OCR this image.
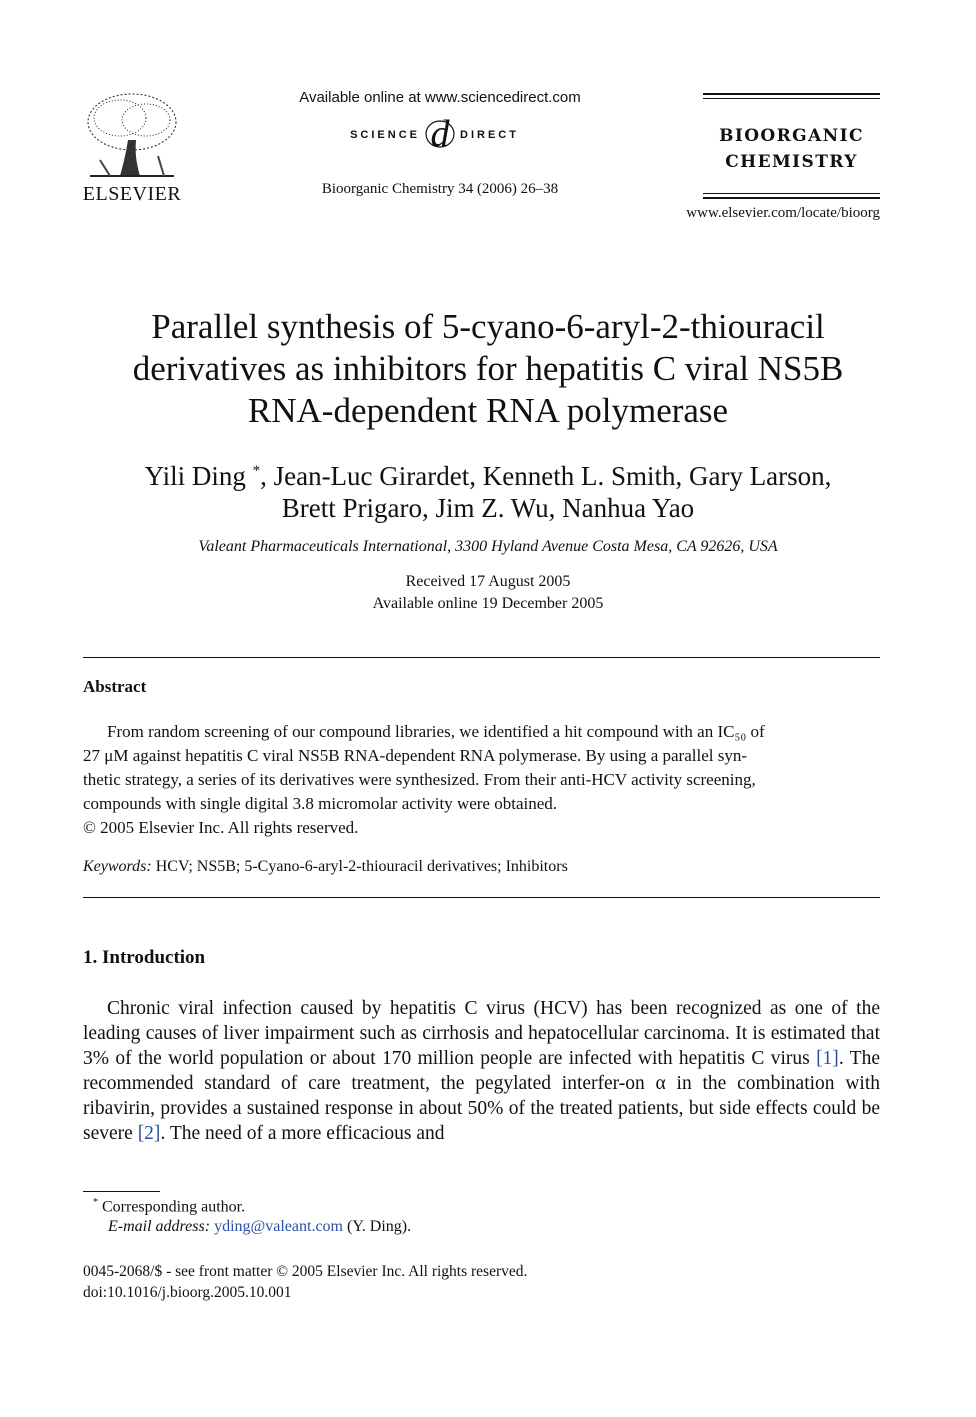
ELSEVIER
Available online at www.sciencedirect.com
SCIENCE d DIRECT
Bioorganic Chemistry 34 (2006) 26–38
BIOORGANIC
CHEMISTRY
www.elsevier.com/locate/bioorg
Parallel synthesis of 5-cyano-6-aryl-2-thiouracil
derivatives as inhibitors for hepatitis C viral NS5B
RNA-dependent RNA polymerase
Yili Ding *, Jean-Luc Girardet, Kenneth L. Smith, Gary Larson,
Brett Prigaro, Jim Z. Wu, Nanhua Yao
Valeant Pharmaceuticals International, 3300 Hyland Avenue Costa Mesa, CA 92626, USA
Received 17 August 2005
Available online 19 December 2005
Abstract

From random screening of our compound libraries, we identified a hit compound with an IC₅₀ of

27 μM against hepatitis C viral NS5B RNA-dependent RNA polymerase. By using a parallel syn-

thetic strategy, a series of its derivatives were synthesized. From their anti-HCV activity screening,

compounds with single digital 3.8 micromolar activity were obtained.

© 2005 Elsevier Inc. All rights reserved.

Keywords: HCV; NS5B; 5-Cyano-6-aryl-2-thiouracil derivatives; Inhibitors
1. Introduction

Chronic viral infection caused by hepatitis C virus (HCV) has been recognized as one of the leading causes of liver impairment such as cirrhosis and hepatocellular carcinoma. It is estimated that 3% of the world population or about 170 million people are infected with hepatitis C virus [1]. The recommended standard of care treatment, the pegylated interfer-on α in the combination with ribavirin, provides a sustained response in about 50% of the treated patients, but side effects could be severe [2]. The need of a more efficacious and

* Corresponding author.
E-mail address: yding@valeant.com (Y. Ding).
0045-2068/$ - see front matter © 2005 Elsevier Inc. All rights reserved.
doi:10.1016/j.bioorg.2005.10.001
